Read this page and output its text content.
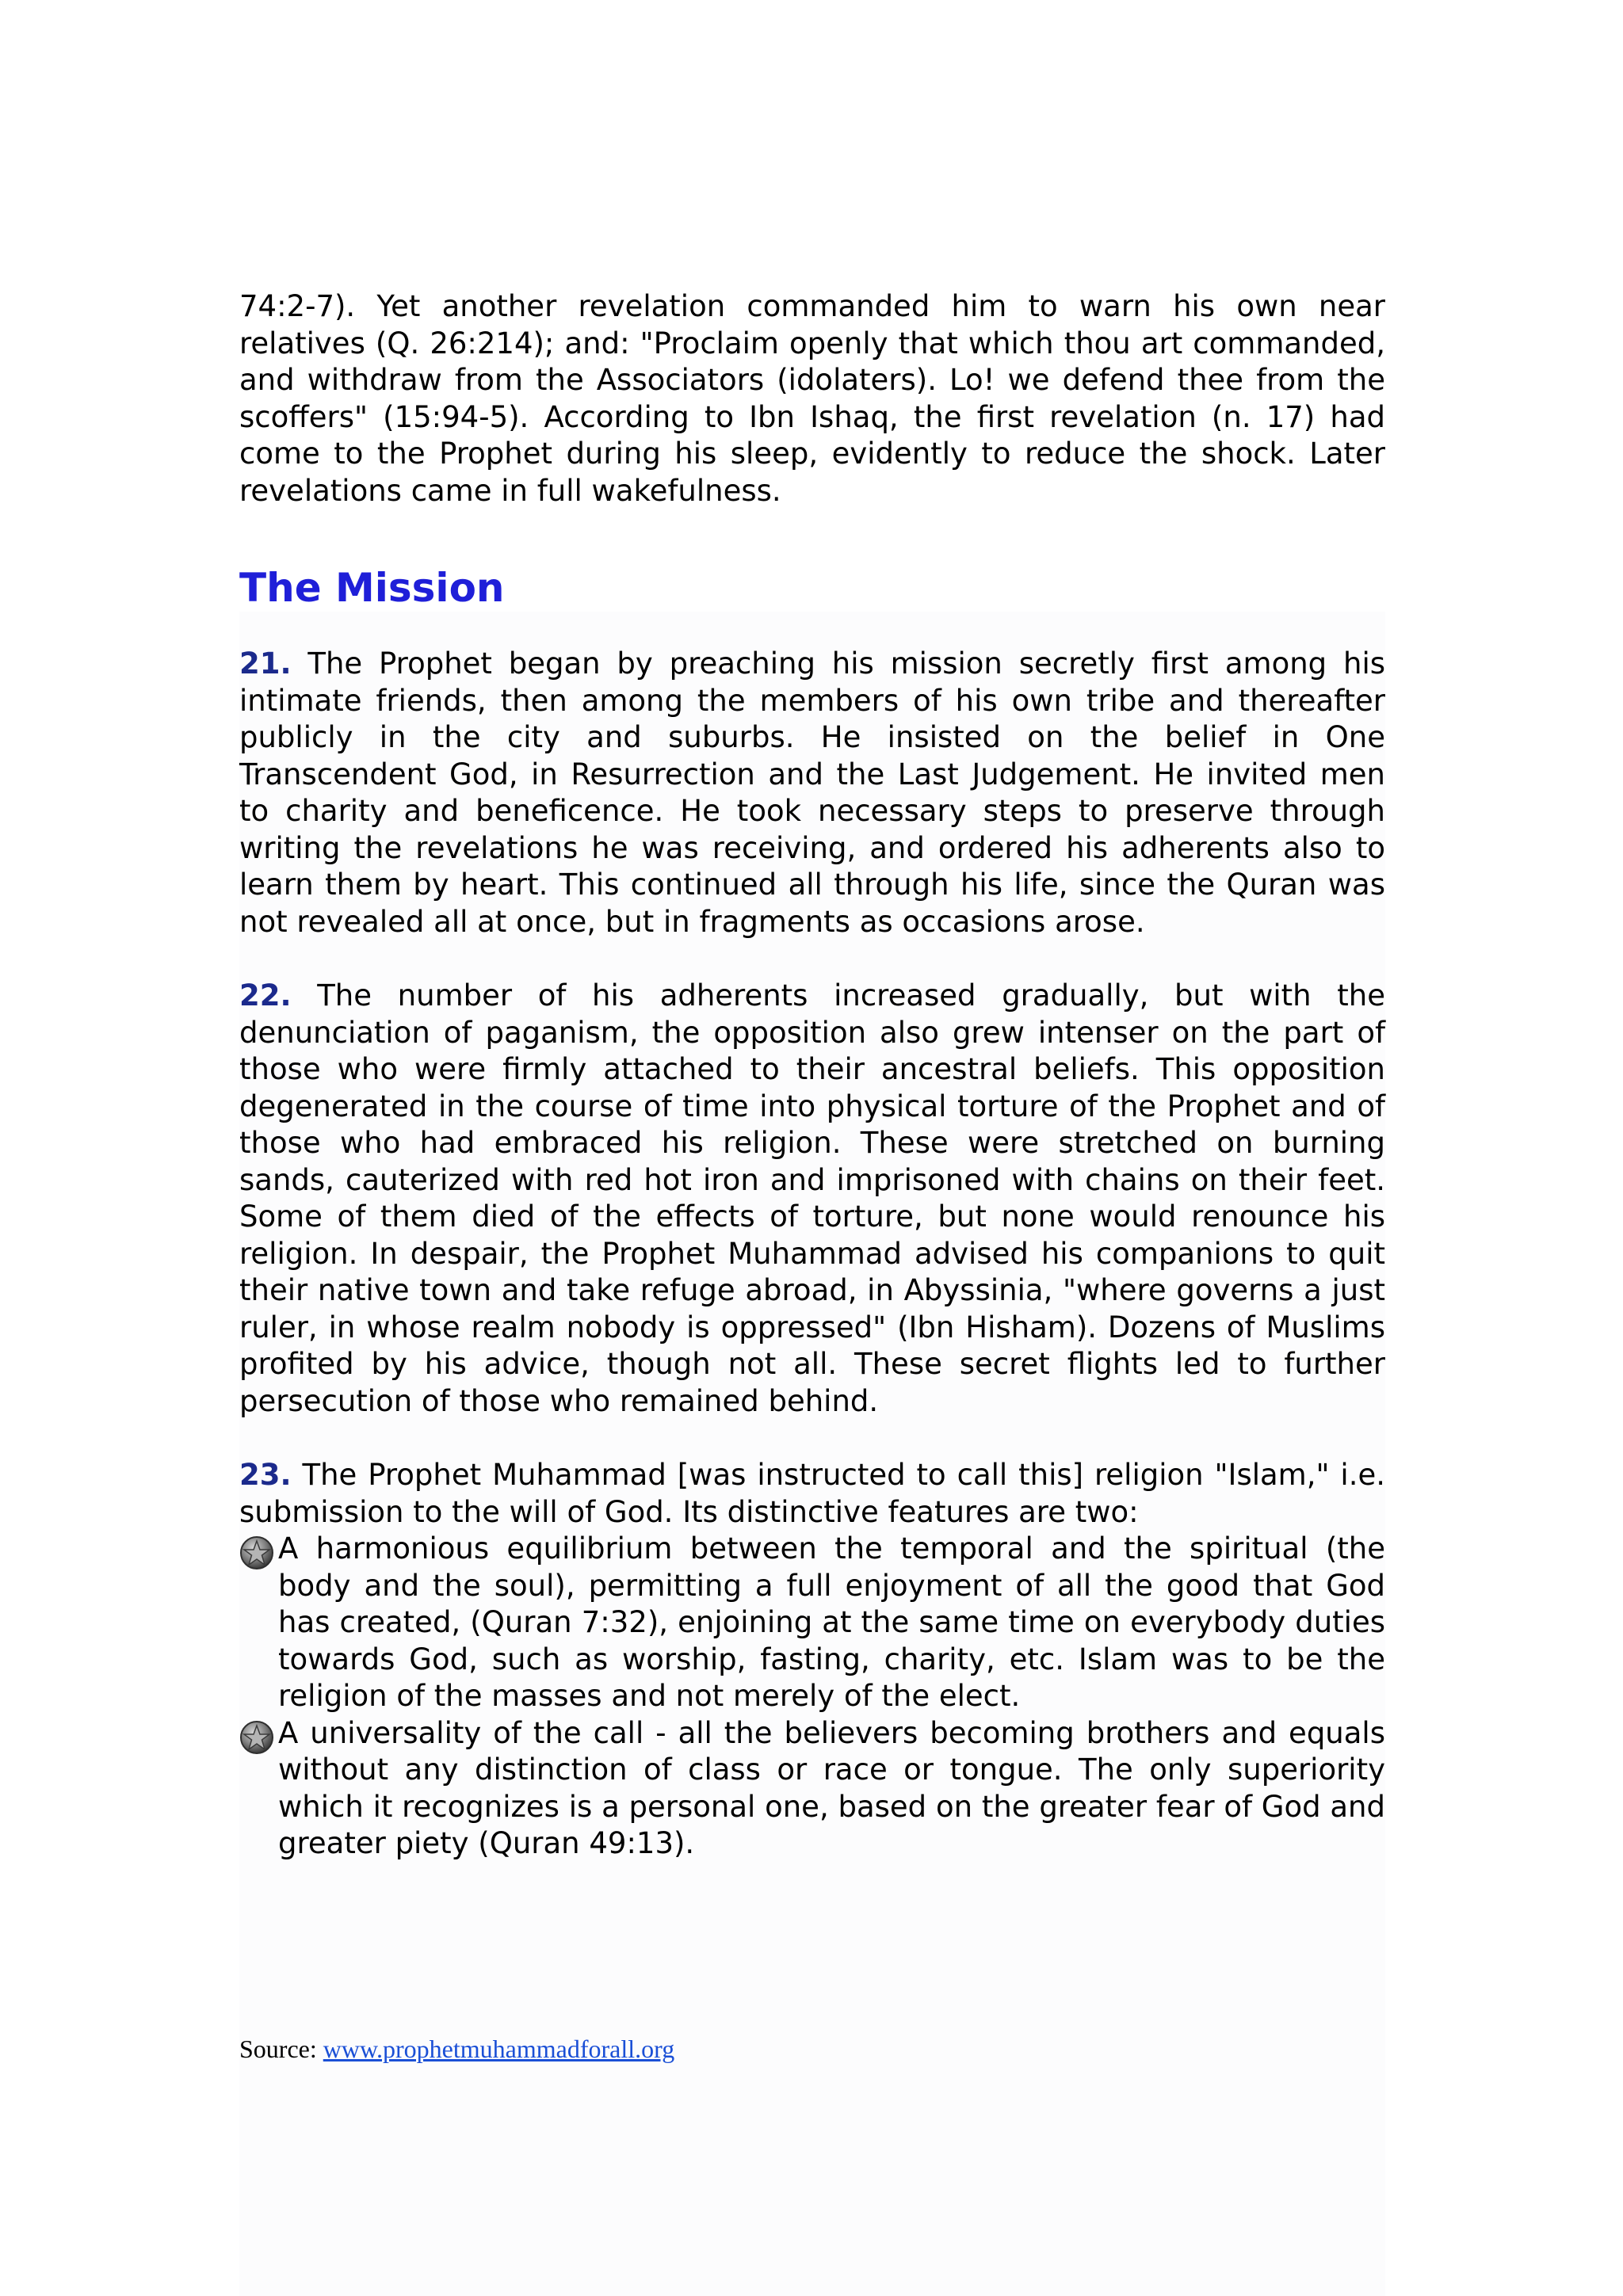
74:2-7). Yet another revelation commanded him to warn his own near relatives (Q. 26:214); and: "Proclaim openly that which thou art commanded, and withdraw from the Associators (idolaters). Lo! we defend thee from the scoffers" (15:94-5). According to Ibn Ishaq, the first revelation (n. 17) had come to the Prophet during his sleep, evidently to reduce the shock. Later revelations came in full wakefulness.

The Mission

21. The Prophet began by preaching his mission secretly first among his intimate friends, then among the members of his own tribe and thereafter publicly in the city and suburbs. He insisted on the belief in One Transcendent God, in Resurrection and the Last Judgement. He invited men to charity and beneficence. He took necessary steps to preserve through writing the revelations he was receiving, and ordered his adherents also to learn them by heart. This continued all through his life, since the Quran was not revealed all at once, but in fragments as occasions arose.

22. The number of his adherents increased gradually, but with the denunciation of paganism, the opposition also grew intenser on the part of those who were firmly attached to their ancestral beliefs. This opposition degenerated in the course of time into physical torture of the Prophet and of those who had embraced his religion. These were stretched on burning sands, cauterized with red hot iron and imprisoned with chains on their feet. Some of them died of the effects of torture, but none would renounce his religion. In despair, the Prophet Muhammad advised his companions to quit their native town and take refuge abroad, in Abyssinia, "where governs a just ruler, in whose realm nobody is oppressed" (Ibn Hisham). Dozens of Muslims profited by his advice, though not all. These secret flights led to further persecution of those who remained behind.

23. The Prophet Muhammad [was instructed to call this] religion "Islam," i.e. submission to the will of God. Its distinctive features are two:

A harmonious equilibrium between the temporal and the spiritual (the body and the soul), permitting a full enjoyment of all the good that God has created, (Quran 7:32), enjoining at the same time on everybody duties towards God, such as worship, fasting, charity, etc. Islam was to be the religion of the masses and not merely of the elect.
A universality of the call - all the believers becoming brothers and equals without any distinction of class or race or tongue. The only superiority which it recognizes is a personal one, based on the greater fear of God and greater piety (Quran 49:13).
Source: www.prophetmuhammadforall.org
